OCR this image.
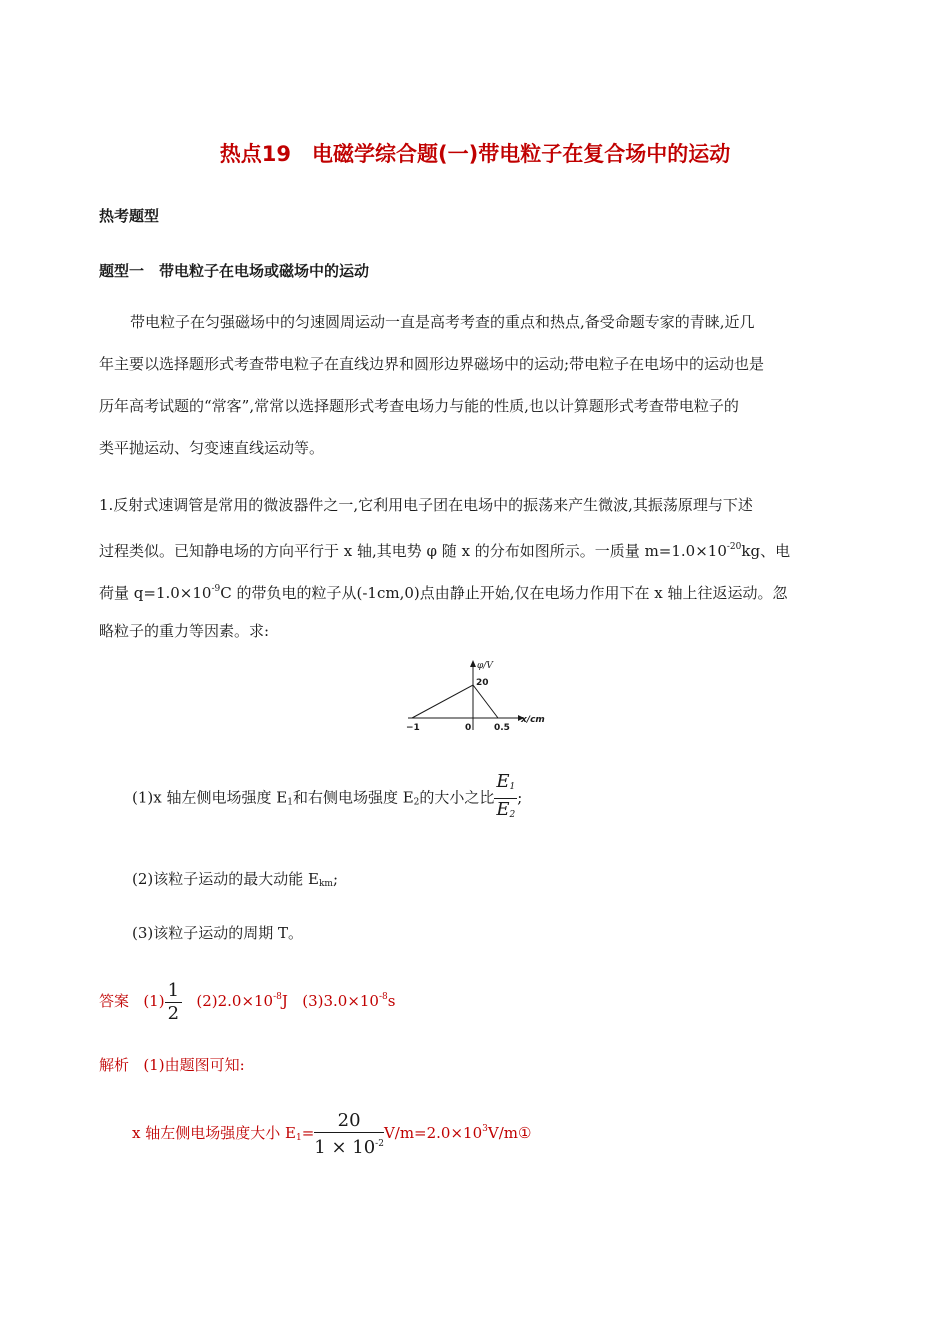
热点19　电磁学综合题(一)带电粒子在复合场中的运动
热考题型
题型一　带电粒子在电场或磁场中的运动
带电粒子在匀强磁场中的匀速圆周运动一直是高考考查的重点和热点,备受命题专家的青睐,近几
年主要以选择题形式考查带电粒子在直线边界和圆形边界磁场中的运动;带电粒子在电场中的运动也是
历年高考试题的“常客”,常常以选择题形式考查电场力与能的性质,也以计算题形式考查带电粒子的
类平抛运动、匀变速直线运动等。
1.反射式速调管是常用的微波器件之一,它利用电子团在电场中的振荡来产生微波,其振荡原理与下述
过程类似。已知静电场的方向平行于 x 轴,其电势 φ 随 x 的分布如图所示。一质量 $m=1.0\times 10^{-20}kg$、电
荷量 $q=1.0\times 10^{-9}C$ 的带负电的粒子从(-1cm,0)点由静止开始,仅在电场力作用下在 x 轴上往返运动。忽
略粒子的重力等因素。求:
φ/V
20
x/cm
−1	0	0.5
(1)x 轴左侧电场强度 $E_1$和右侧电场强度 $E_2$的大小之比 $\frac{E_1}{E_2}$ ;
(2)该粒子运动的最大动能 $E_{km}$;
(3)该粒子运动的周期 T。
答案 $(1) \frac{1}{2} (2)2.0\times 10^{-8}J$ $(3)3.0\times 10^{-8}s$
解析 (1)由题图可知:
x 轴左侧电场强度大小 $E_1= \frac{20}{1 \times 10^{-2}}$ $V/m=2.0\times 10^3V/m①$
